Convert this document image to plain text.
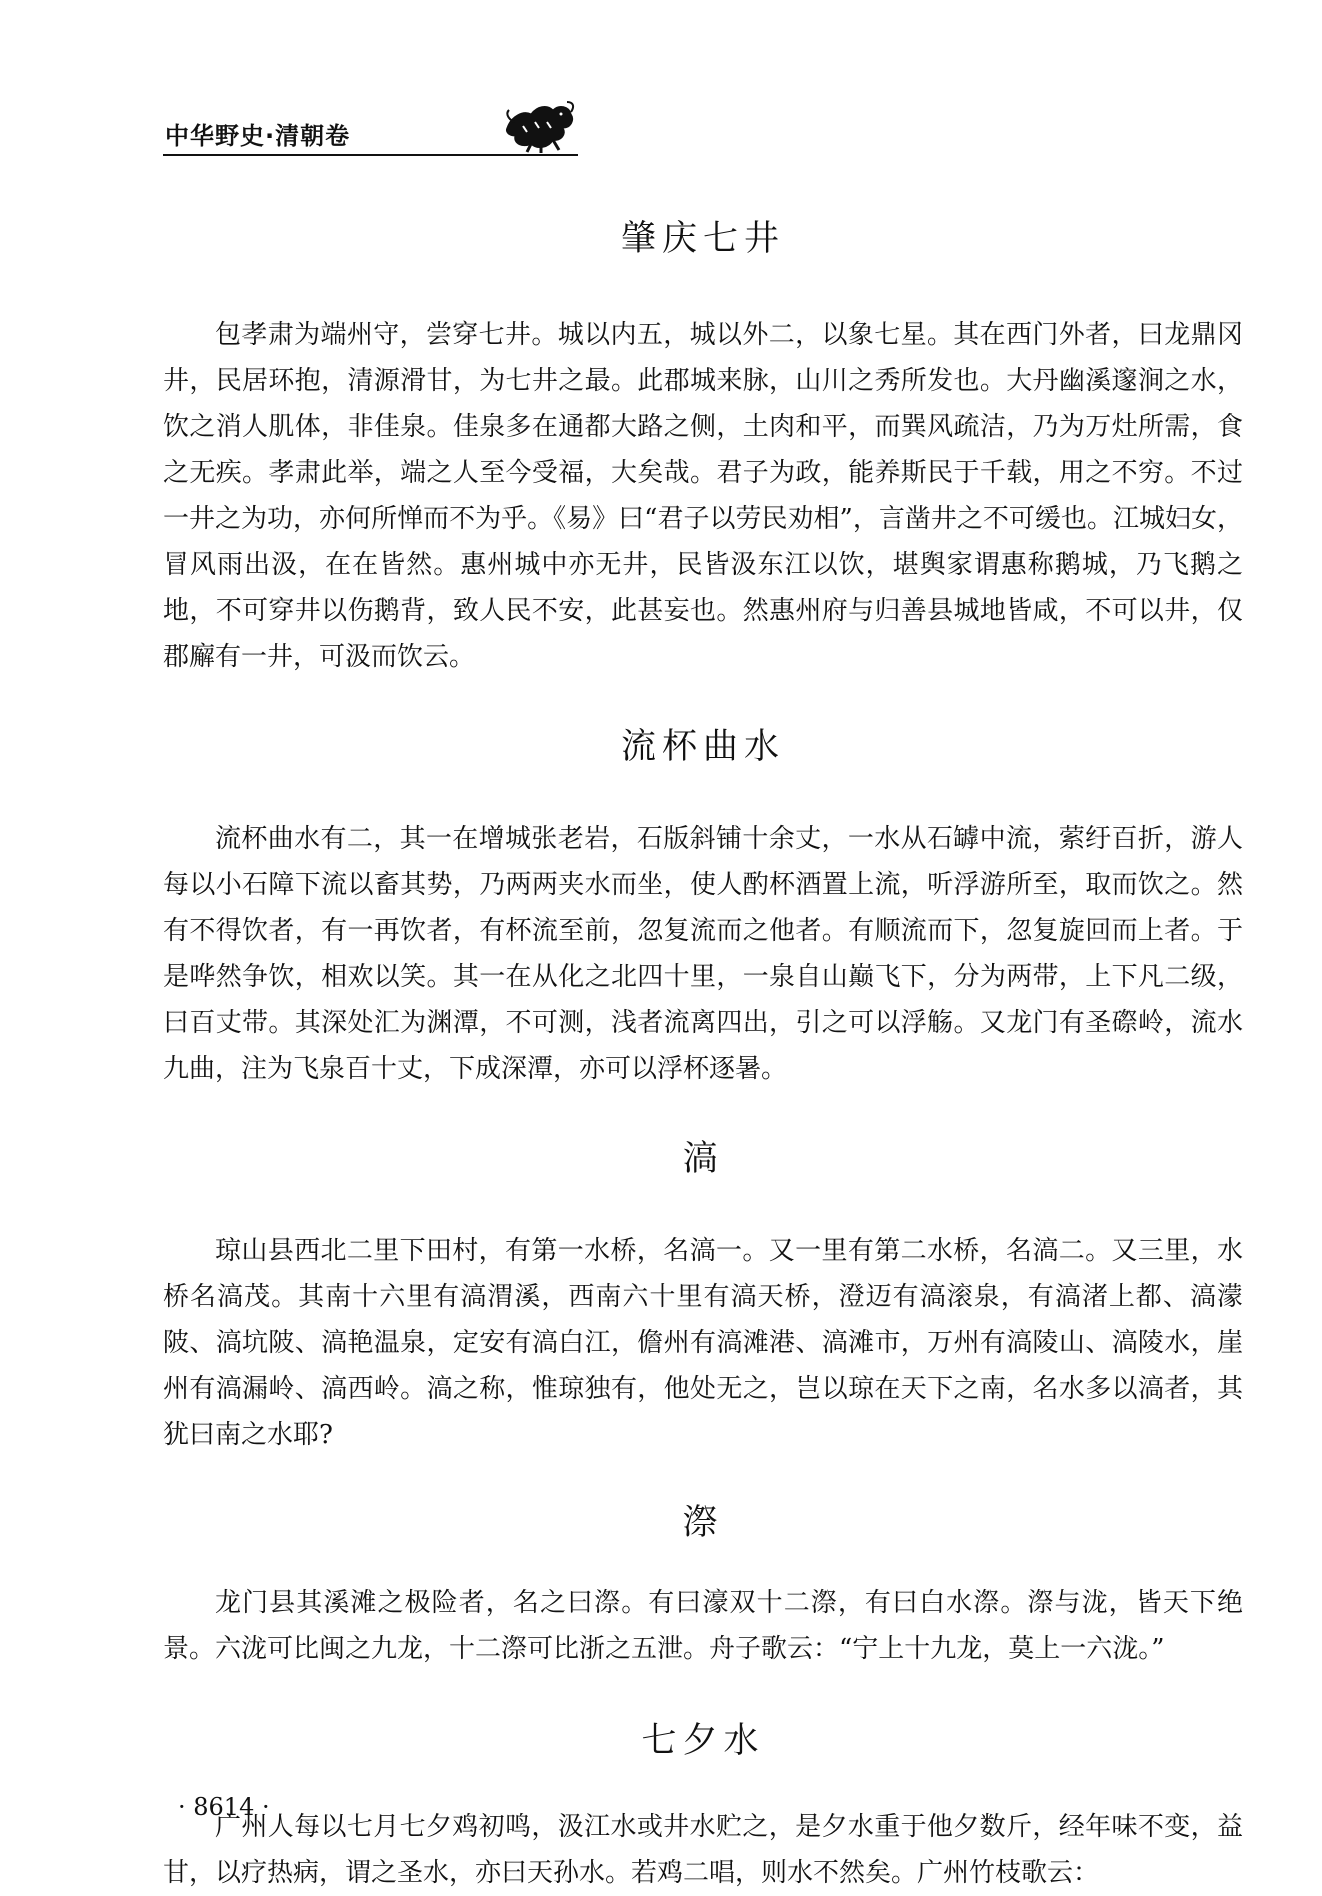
中华野史·清朝卷
肇庆七井

包孝肃为端州守，尝穿七井。城以内五，城以外二，以象七星。其在西门外者，曰龙鼎冈井，民居环抱，清源滑甘，为七井之最。此郡城来脉，山川之秀所发也。大丹幽溪邃涧之水，饮之消人肌体，非佳泉。佳泉多在通都大路之侧，土肉和平，而巽风疏洁，乃为万灶所需，食之无疾。孝肃此举，端之人至今受福，大矣哉。君子为政，能养斯民于千载，用之不穷。不过一井之为功，亦何所惮而不为乎。《易》曰“君子以劳民劝相”，言凿井之不可缓也。江城妇女，冒风雨出汲，在在皆然。惠州城中亦无井，民皆汲东江以饮，堪舆家谓惠称鹅城，乃飞鹅之地，不可穿井以伤鹅背，致人民不安，此甚妄也。然惠州府与归善县城地皆咸，不可以井，仅郡廨有一井，可汲而饮云。

流杯曲水

流杯曲水有二，其一在增城张老岩，石版斜铺十余丈，一水从石罅中流，萦纡百折，游人每以小石障下流以畜其势，乃两两夹水而坐，使人酌杯酒置上流，听浮游所至，取而饮之。然有不得饮者，有一再饮者，有杯流至前，忽复流而之他者。有顺流而下，忽复旋回而上者。于是哗然争饮，相欢以笑。其一在从化之北四十里，一泉自山巅飞下，分为两带，上下凡二级，曰百丈带。其深处汇为渊潭，不可测，浅者流离四出，引之可以浮觞。又龙门有圣磜岭，流水九曲，注为飞泉百十丈，下成深潭，亦可以浮杯逐暑。

滈

琼山县西北二里下田村，有第一水桥，名滈一。又一里有第二水桥，名滈二。又三里，水桥名滈茂。其南十六里有滈渭溪，西南六十里有滈天桥，澄迈有滈滚泉，有滈渚上都、滈濛陂、滈坑陂、滈艳温泉，定安有滈白江，儋州有滈滩港、滈滩市，万州有滈陵山、滈陵水，崖州有滈漏岭、滈西岭。滈之称，惟琼独有，他处无之，岂以琼在天下之南，名水多以滈者，其犹曰南之水耶?

漈

龙门县其溪滩之极险者，名之曰漈。有曰濠双十二漈，有曰白水漈。漈与泷，皆天下绝景。六泷可比闽之九龙，十二漈可比浙之五泄。舟子歌云：“宁上十九龙，莫上一六泷。”

七夕水

广州人每以七月七夕鸡初鸣，汲江水或井水贮之，是夕水重于他夕数斤，经年味不变，益甘，以疗热病，谓之圣水，亦曰天孙水。若鸡二唱，则水不然矣。广州竹枝歌云：

· 8614 ·
